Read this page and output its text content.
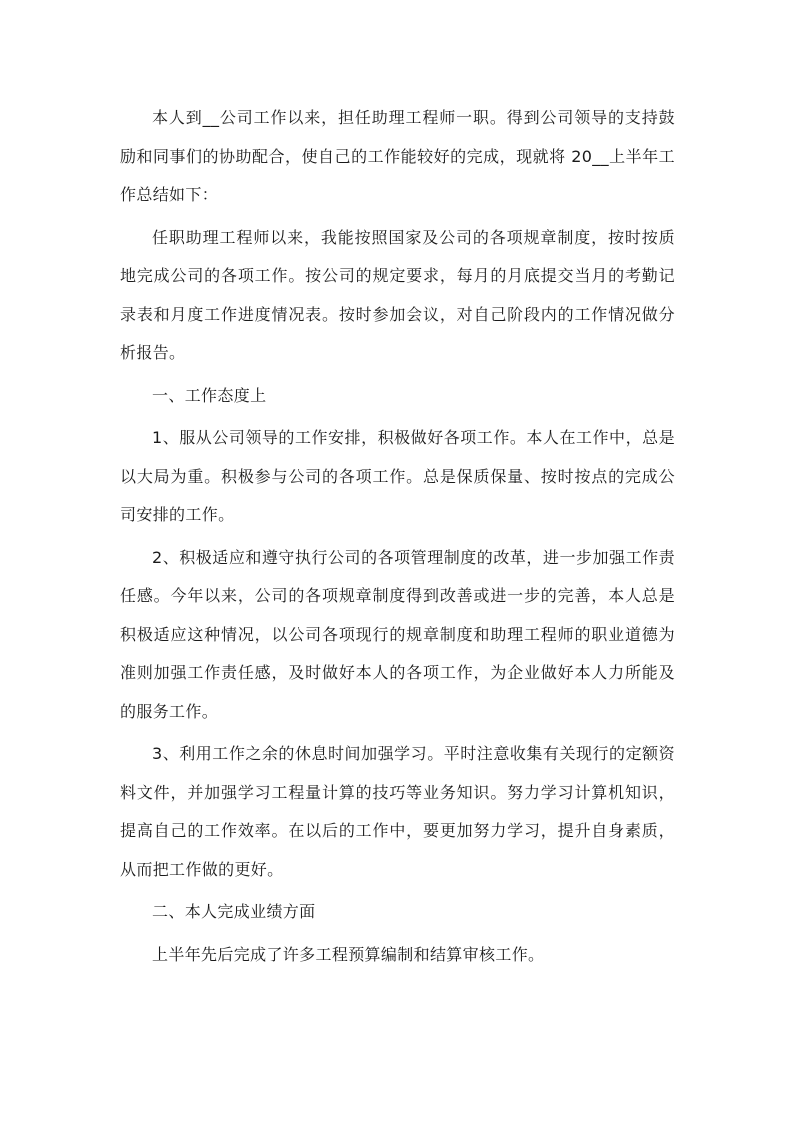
本人到__公司工作以来，担任助理工程师一职。得到公司领导的支持鼓励和同事们的协助配合，使自己的工作能较好的完成，现就将 20__上半年工作总结如下：

任职助理工程师以来，我能按照国家及公司的各项规章制度，按时按质地完成公司的各项工作。按公司的规定要求，每月的月底提交当月的考勤记录表和月度工作进度情况表。按时参加会议，对自己阶段内的工作情况做分析报告。

一、工作态度上

1、服从公司领导的工作安排，积极做好各项工作。本人在工作中，总是以大局为重。积极参与公司的各项工作。总是保质保量、按时按点的完成公司安排的工作。

2、积极适应和遵守执行公司的各项管理制度的改革，进一步加强工作责任感。今年以来，公司的各项规章制度得到改善或进一步的完善，本人总是积极适应这种情况，以公司各项现行的规章制度和助理工程师的职业道德为准则加强工作责任感，及时做好本人的各项工作，为企业做好本人力所能及的服务工作。

3、利用工作之余的休息时间加强学习。平时注意收集有关现行的定额资料文件，并加强学习工程量计算的技巧等业务知识。努力学习计算机知识，提高自己的工作效率。在以后的工作中，要更加努力学习，提升自身素质，从而把工作做的更好。

二、本人完成业绩方面

上半年先后完成了许多工程预算编制和结算审核工作。
